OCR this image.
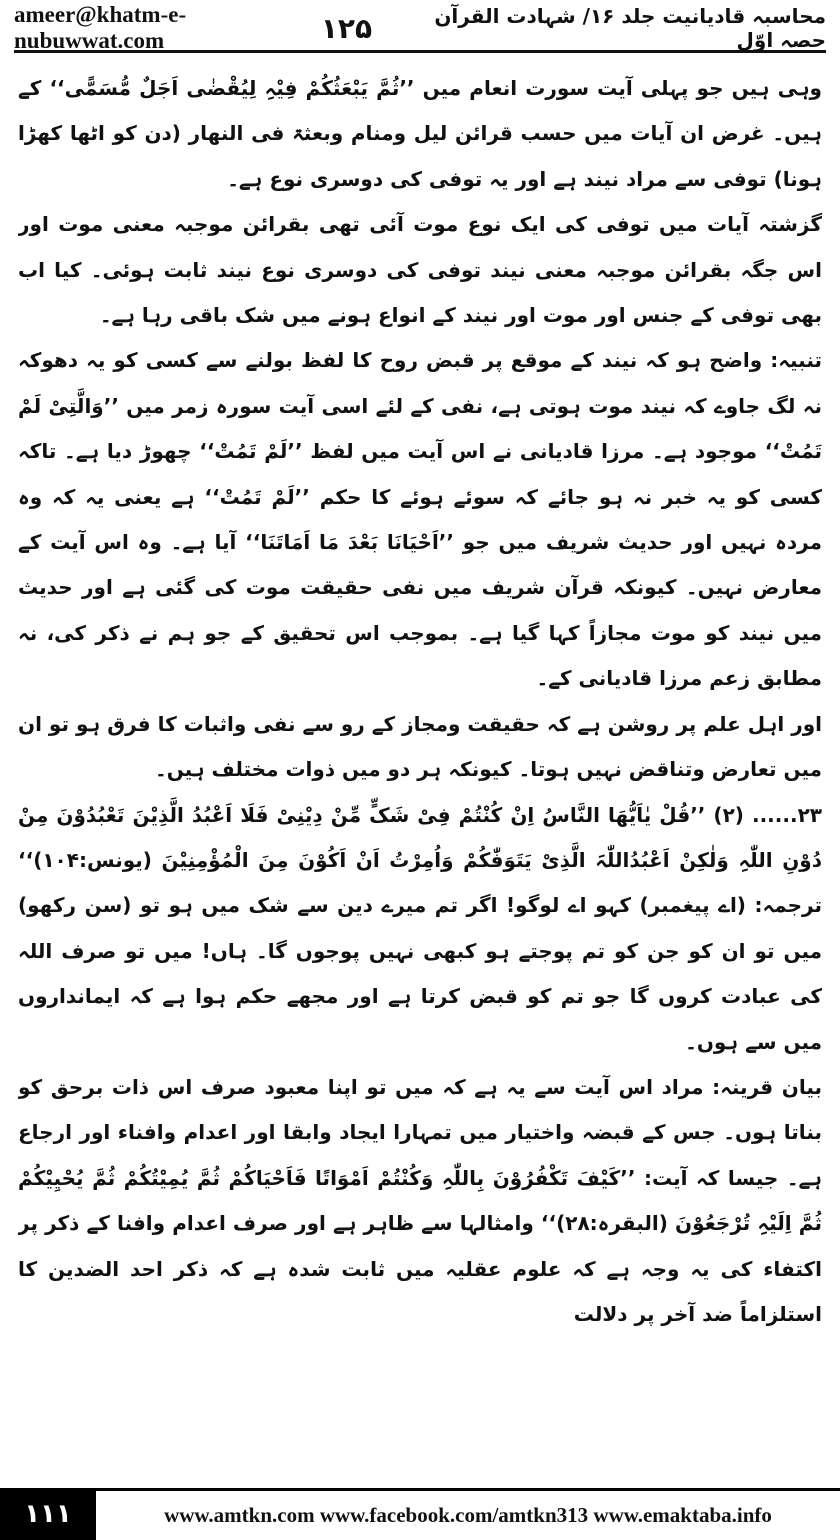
ameer@khatm-e-nubuwwat.com	۱۲۵	محاسبہ قادیانیت جلد ۱۶/ شہادت القرآن حصہ اوّل

وہی ہیں جو پہلی آیت سورت انعام میں ’’ثُمَّ یَبْعَثُکُمْ فِیْہِ لِیُقْضٰی اَجَلٌ مُّسَمًّی‘‘ کے ہیں۔ غرض ان آیات میں حسب قرائن لیل ومنام وبعثۃ فی النھار (دن کو اٹھا کھڑا ہونا) توفی سے مراد نیند ہے اور یہ توفی کی دوسری نوع ہے۔

گزشتہ آیات میں توفی کی ایک نوع موت آئی تھی بقرائن موجبہ معنی موت اور اس جگہ بقرائن موجبہ معنی نیند توفی کی دوسری نوع نیند ثابت ہوئی۔ کیا اب بھی توفی کے جنس اور موت اور نیند کے انواع ہونے میں شک باقی رہا ہے۔

تنبیہ: واضح ہو کہ نیند کے موقع پر قبض روح کا لفظ بولنے سے کسی کو یہ دھوکہ نہ لگ جاوے کہ نیند موت ہوتی ہے، نفی کے لئے اسی آیت سورہ زمر میں ’’وَالَّتِیْ لَمْ تَمُتْ‘‘ موجود ہے۔ مرزا قادیانی نے اس آیت میں لفظ ’’لَمْ تَمُتْ‘‘ چھوڑ دیا ہے۔ تاکہ کسی کو یہ خبر نہ ہو جائے کہ سوئے ہوئے کا حکم ’’لَمْ تَمُتْ‘‘ ہے یعنی یہ کہ وہ مردہ نہیں اور حدیث شریف میں جو ’’اَحْیَانَا بَعْدَ مَا اَمَاتَنَا‘‘ آیا ہے۔ وہ اس آیت کے معارض نہیں۔ کیونکہ قرآن شریف میں نفی حقیقت موت کی گئی ہے اور حدیث میں نیند کو موت مجازاً کہا گیا ہے۔ بموجب اس تحقیق کے جو ہم نے ذکر کی، نہ مطابق زعم مرزا قادیانی کے۔

اور اہل علم پر روشن ہے کہ حقیقت ومجاز کے رو سے نفی واثبات کا فرق ہو تو ان میں تعارض وتناقض نہیں ہوتا۔ کیونکہ ہر دو میں ذوات مختلف ہیں۔

۲۳...... (۲) ’’قُلْ یٰاَیُّھَا النَّاسُ اِنْ کُنْتُمْ فِیْ شَکٍّ مِّنْ دِیْنِیْ فَلَا اَعْبُدُ الَّذِیْنَ تَعْبُدُوْنَ مِنْ دُوْنِ اللّٰہِ وَلٰکِنْ اَعْبُدُاللّٰہَ الَّذِیْ یَتَوَفّٰکُمْ وَاُمِرْتُ اَنْ اَکُوْنَ مِنَ الْمُؤْمِنِیْنَ (یونس:۱۰۴)‘‘ ترجمہ: (اے پیغمبر) کہو اے لوگو! اگر تم میرے دین سے شک میں ہو تو (سن رکھو) میں تو ان کو جن کو تم پوجتے ہو کبھی نہیں پوجوں گا۔ ہاں! میں تو صرف اللہ کی عبادت کروں گا جو تم کو قبض کرتا ہے اور مجھے حکم ہوا ہے کہ ایمانداروں میں سے ہوں۔

بیان قرینہ: مراد اس آیت سے یہ ہے کہ میں تو اپنا معبود صرف اس ذات برحق کو بناتا ہوں۔ جس کے قبضہ واختیار میں تمہارا ایجاد وابقا اور اعدام وافناء اور ارجاع ہے۔ جیسا کہ آیت: ’’کَیْفَ تَکْفُرُوْنَ بِاللّٰہِ وَکُنْتُمْ اَمْوَاتًا فَاَحْیَاکُمْ ثُمَّ یُمِیْتُکُمْ ثُمَّ یُحْیِیْکُمْ ثُمَّ اِلَیْہِ تُرْجَعُوْنَ (البقرہ:۲۸)‘‘ وامثالہا سے ظاہر ہے اور صرف اعدام وافنا کے ذکر پر اکتفاء کی یہ وجہ ہے کہ علوم عقلیہ میں ثابت شدہ ہے کہ ذکر احد الضدین کا استلزاماً ضد آخر پر دلالت

۱۱۱	www.amtkn.com www.facebook.com/amtkn313 www.emaktaba.info
